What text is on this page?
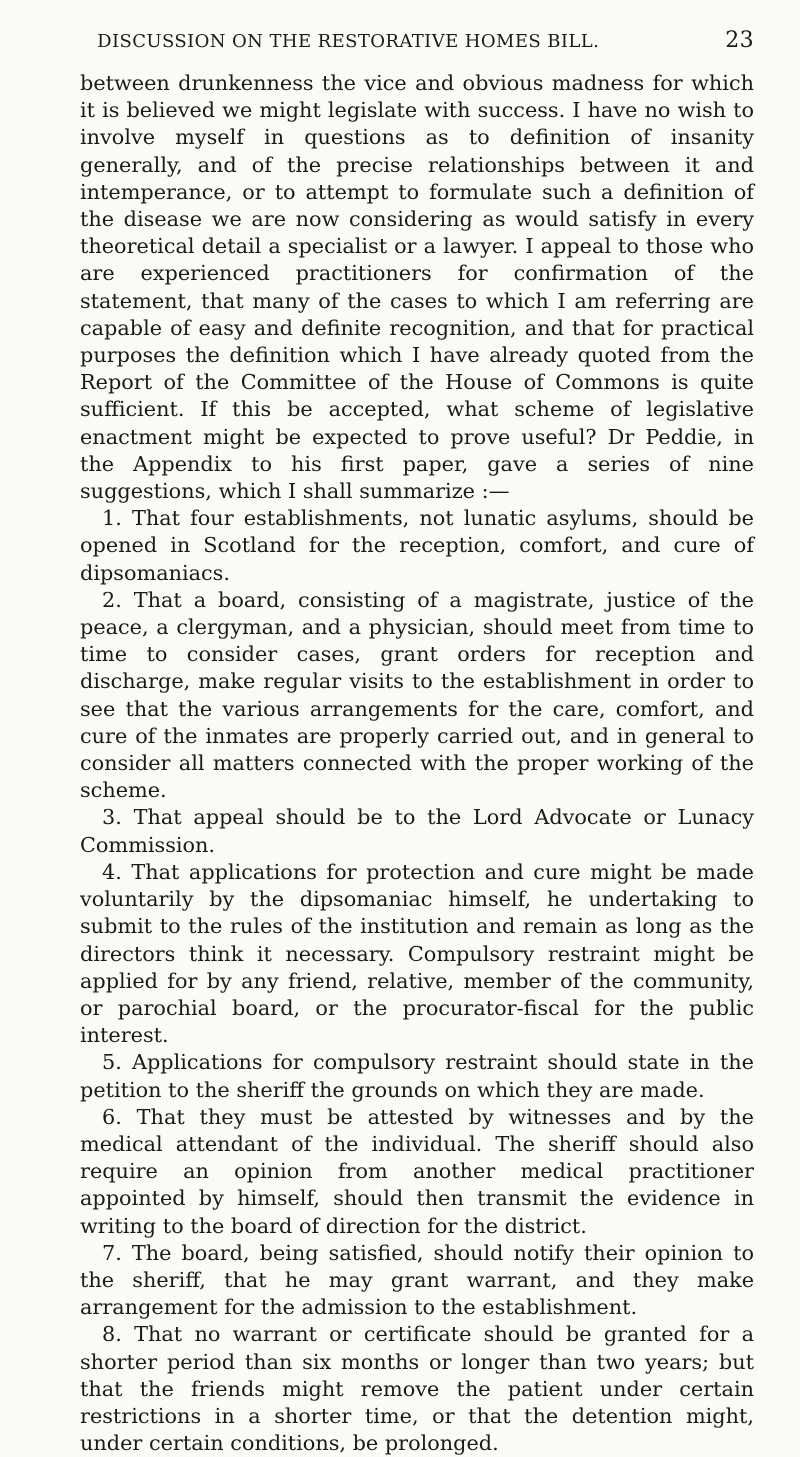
DISCUSSION ON THE RESTORATIVE HOMES BILL.	23

between drunkenness the vice and obvious madness for which it is believed we might legislate with success. I have no wish to involve myself in questions as to definition of insanity generally, and of the precise relationships between it and intemperance, or to attempt to formulate such a definition of the disease we are now considering as would satisfy in every theoretical detail a specialist or a lawyer. I appeal to those who are experienced practitioners for confirmation of the statement, that many of the cases to which I am referring are capable of easy and definite recognition, and that for practical purposes the definition which I have already quoted from the Report of the Committee of the House of Commons is quite sufficient. If this be accepted, what scheme of legislative enactment might be expected to prove useful? Dr Peddie, in the Appendix to his first paper, gave a series of nine suggestions, which I shall summarize :—

1. That four establishments, not lunatic asylums, should be opened in Scotland for the reception, comfort, and cure of dipsomaniacs.

2. That a board, consisting of a magistrate, justice of the peace, a clergyman, and a physician, should meet from time to time to consider cases, grant orders for reception and discharge, make regular visits to the establishment in order to see that the various arrangements for the care, comfort, and cure of the inmates are properly carried out, and in general to consider all matters connected with the proper working of the scheme.

3. That appeal should be to the Lord Advocate or Lunacy Commission.

4. That applications for protection and cure might be made voluntarily by the dipsomaniac himself, he undertaking to submit to the rules of the institution and remain as long as the directors think it necessary. Compulsory restraint might be applied for by any friend, relative, member of the community, or parochial board, or the procurator-fiscal for the public interest.

5. Applications for compulsory restraint should state in the petition to the sheriff the grounds on which they are made.

6. That they must be attested by witnesses and by the medical attendant of the individual. The sheriff should also require an opinion from another medical practitioner appointed by himself, should then transmit the evidence in writing to the board of direction for the district.

7. The board, being satisfied, should notify their opinion to the sheriff, that he may grant warrant, and they make arrangement for the admission to the establishment.

8. That no warrant or certificate should be granted for a shorter period than six months or longer than two years; but that the friends might remove the patient under certain restrictions in a shorter time, or that the detention might, under certain conditions, be prolonged.
